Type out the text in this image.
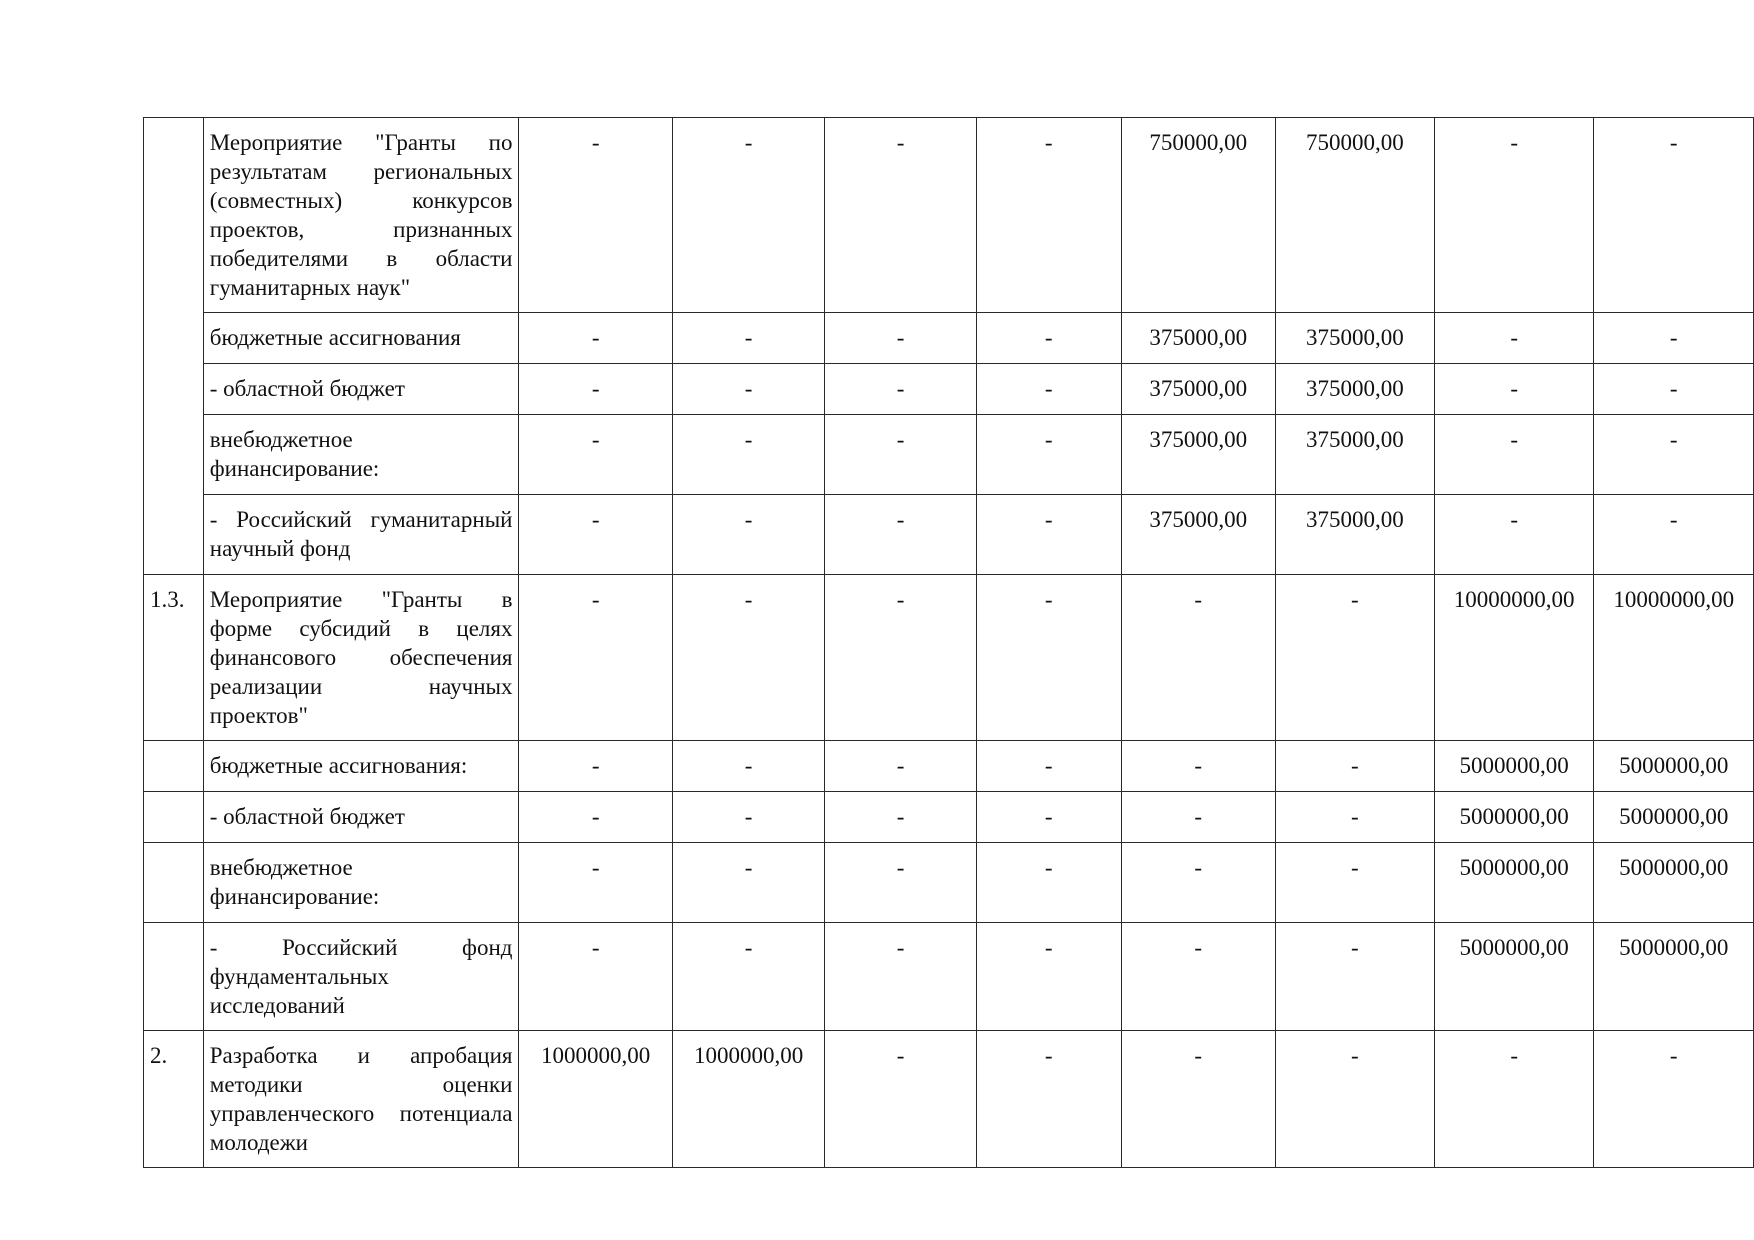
	Мероприятие "Гранты по результатам региональных (совместных) конкурсов проектов, признанных победителями в области гуманитарных наук"	-	-	-	-	750000,00	750000,00	-	-
	бюджетные ассигнования	-	-	-	-	375000,00	375000,00	-	-
	- областной бюджет	-	-	-	-	375000,00	375000,00	-	-
	внебюджетное финансирование:	-	-	-	-	375000,00	375000,00	-	-
	- Российский гуманитарный научный фонд	-	-	-	-	375000,00	375000,00	-	-
1.3.	Мероприятие "Гранты в форме субсидий в целях финансового обеспечения реализации научных проектов"	-	-	-	-	-	-	10000000,00	10000000,00
	бюджетные ассигнования:	-	-	-	-	-	-	5000000,00	5000000,00
	- областной бюджет	-	-	-	-	-	-	5000000,00	5000000,00
	внебюджетное финансирование:	-	-	-	-	-	-	5000000,00	5000000,00
	- Российский фонд фундаментальных исследований	-	-	-	-	-	-	5000000,00	5000000,00
2.	Разработка и апробация методики оценки управленческого потенциала молодежи	1000000,00	1000000,00	-	-	-	-	-	-
